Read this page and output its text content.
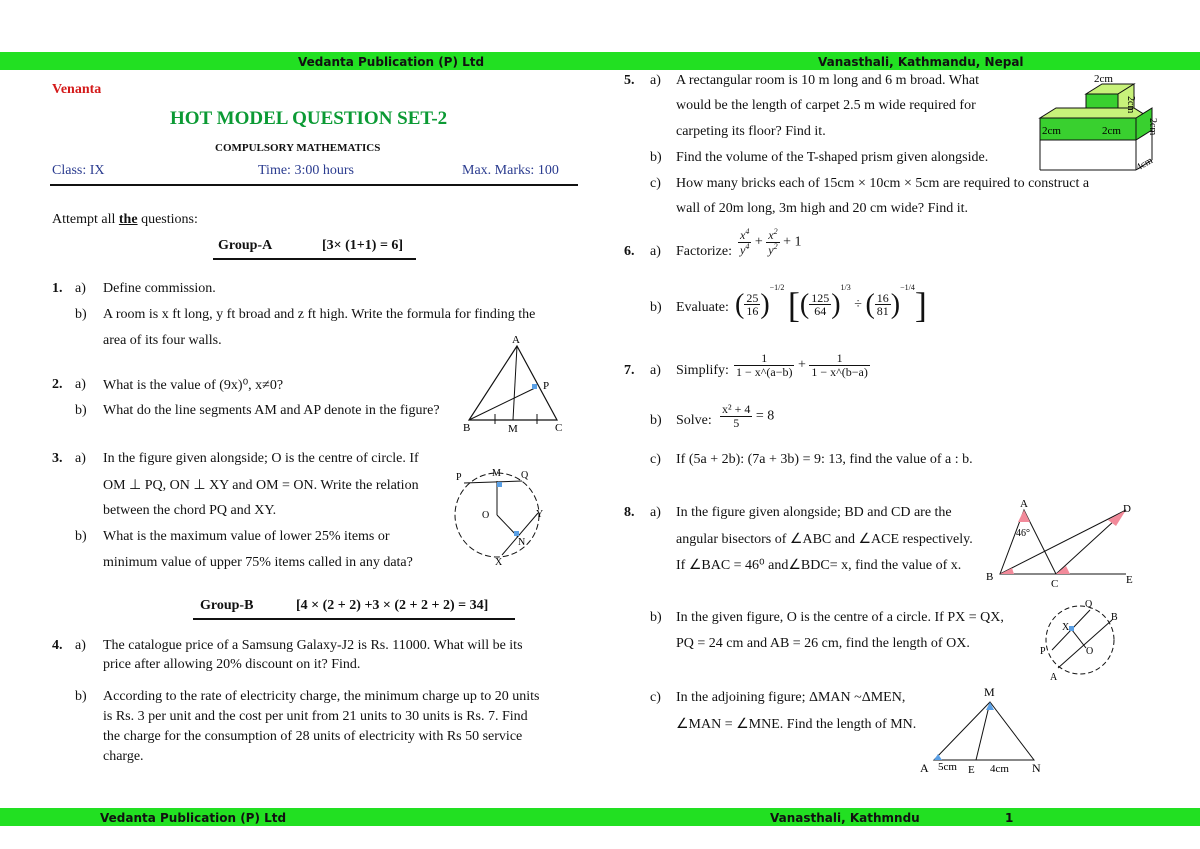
Vedanta Publication (P) Ltd	Vanasthali, Kathmandu, Nepal
Vedanta Publication (P) Ltd	Vanasthali, Kathmndu	1
Venanta
HOT MODEL QUESTION SET-2
COMPULSORY MATHEMATICS
Class: IX	Time: 3:00 hours	Max. Marks: 100
Attempt all the questions:
Group-A	[3× (1+1) = 6]
1. a) Define commission.
b) A room is x ft long, y ft broad and z ft high. Write the formula for finding the
area of its four walls.
2. a) What is the value of (9x)⁰, x≠0?
b) What do the line segments AM and AP denote in the figure?
A
P
B	M	C
3. a) In the figure given alongside; O is the centre of circle. If
OM ⊥ PQ, ON ⊥ XY and OM = ON. Write the relation
between the chord PQ and XY.
b) What is the maximum value of lower 25% items or
minimum value of upper 75% items called in any data?
P	M Q
O	Y
N
X
Group-B	[4 × (2 + 2) +3 × (2 + 2 + 2) = 34]
4. a) The catalogue price of a Samsung Galaxy-J2 is Rs. 11000. What will be its
price after allowing 20% discount on it? Find.
b) According to the rate of electricity charge, the minimum charge up to 20 units
is Rs. 3 per unit and the cost per unit from 21 units to 30 units is Rs. 7. Find
the charge for the consumption of 28 units of electricity with Rs 50 service
charge.
5. a) A rectangular room is 10 m long and 6 m broad. What
would be the length of carpet 2.5 m wide required for
carpeting its floor? Find it.
b) Find the volume of the T-shaped prism given alongside.
c) How many bricks each of 15cm × 10cm × 5cm are required to construct a
wall of 20m long, 3m high and 20 cm wide? Find it.
2cm
2cm
2cm	2cm	2cm
4cm
6. a) Factorize: $\frac{x^4}{y^4} + \frac{x^2}{y^2} + 1$
b) Evaluate: ( $\frac{25}{16} )^{-1/2}$ [( $\frac{125}{64} )^{1/3}$ ÷ ( $\frac{16}{81} )^{-1/4}$]
7. a) Simplify: $\frac{1}{1 - x\^{}(a-b)} + \frac{1}{1 - x\^{}(b-a)}$
b) Solve: $\frac{\text{x² + 4}}{5} = 8$
c) If (5a + 2b): (7a + 3b) = 9: 13, find the value of a : b.
8. a) In the figure given alongside; BD and CD are the
angular bisectors of ∠ABC and ∠ACE respectively.
If ∠BAC = 46⁰ and∠BDC= x, find the value of x.
A	D
46°
B
C	E
b) In the given figure, O is the centre of a circle. If PX = QX,
PQ = 24 cm and AB = 26 cm, find the length of OX.
Q
B
X
O
P
A
c) In the adjoining figure; ΔMAN ~ΔMEN,
∠MAN = ∠MNE. Find the length of MN.
M
A 5cm E 4cm N
